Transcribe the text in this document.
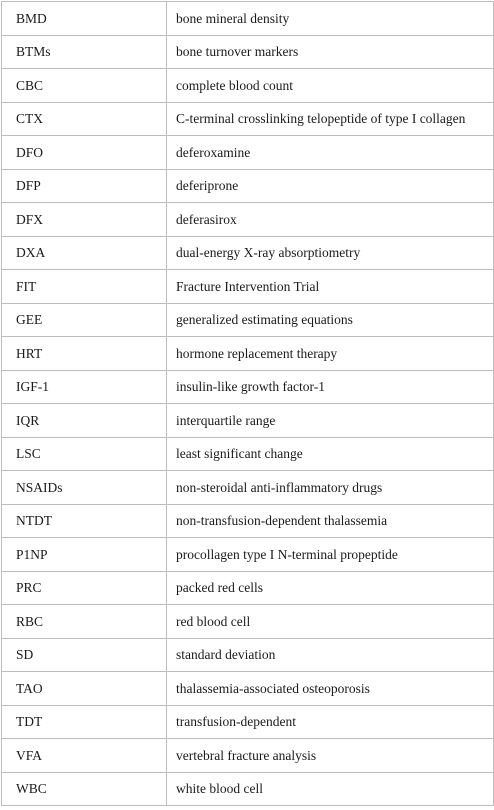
BMD	bone mineral density
BTMs	bone turnover markers
CBC	complete blood count
CTX	C-terminal crosslinking telopeptide of type I collagen
DFO	deferoxamine
DFP	deferiprone
DFX	deferasirox
DXA	dual-energy X-ray absorptiometry
FIT	Fracture Intervention Trial
GEE	generalized estimating equations
HRT	hormone replacement therapy
IGF-1	insulin-like growth factor-1
IQR	interquartile range
LSC	least significant change
NSAIDs	non-steroidal anti-inflammatory drugs
NTDT	non-transfusion-dependent thalassemia
P1NP	procollagen type I N-terminal propeptide
PRC	packed red cells
RBC	red blood cell
SD	standard deviation
TAO	thalassemia-associated osteoporosis
TDT	transfusion-dependent
VFA	vertebral fracture analysis
WBC	white blood cell
